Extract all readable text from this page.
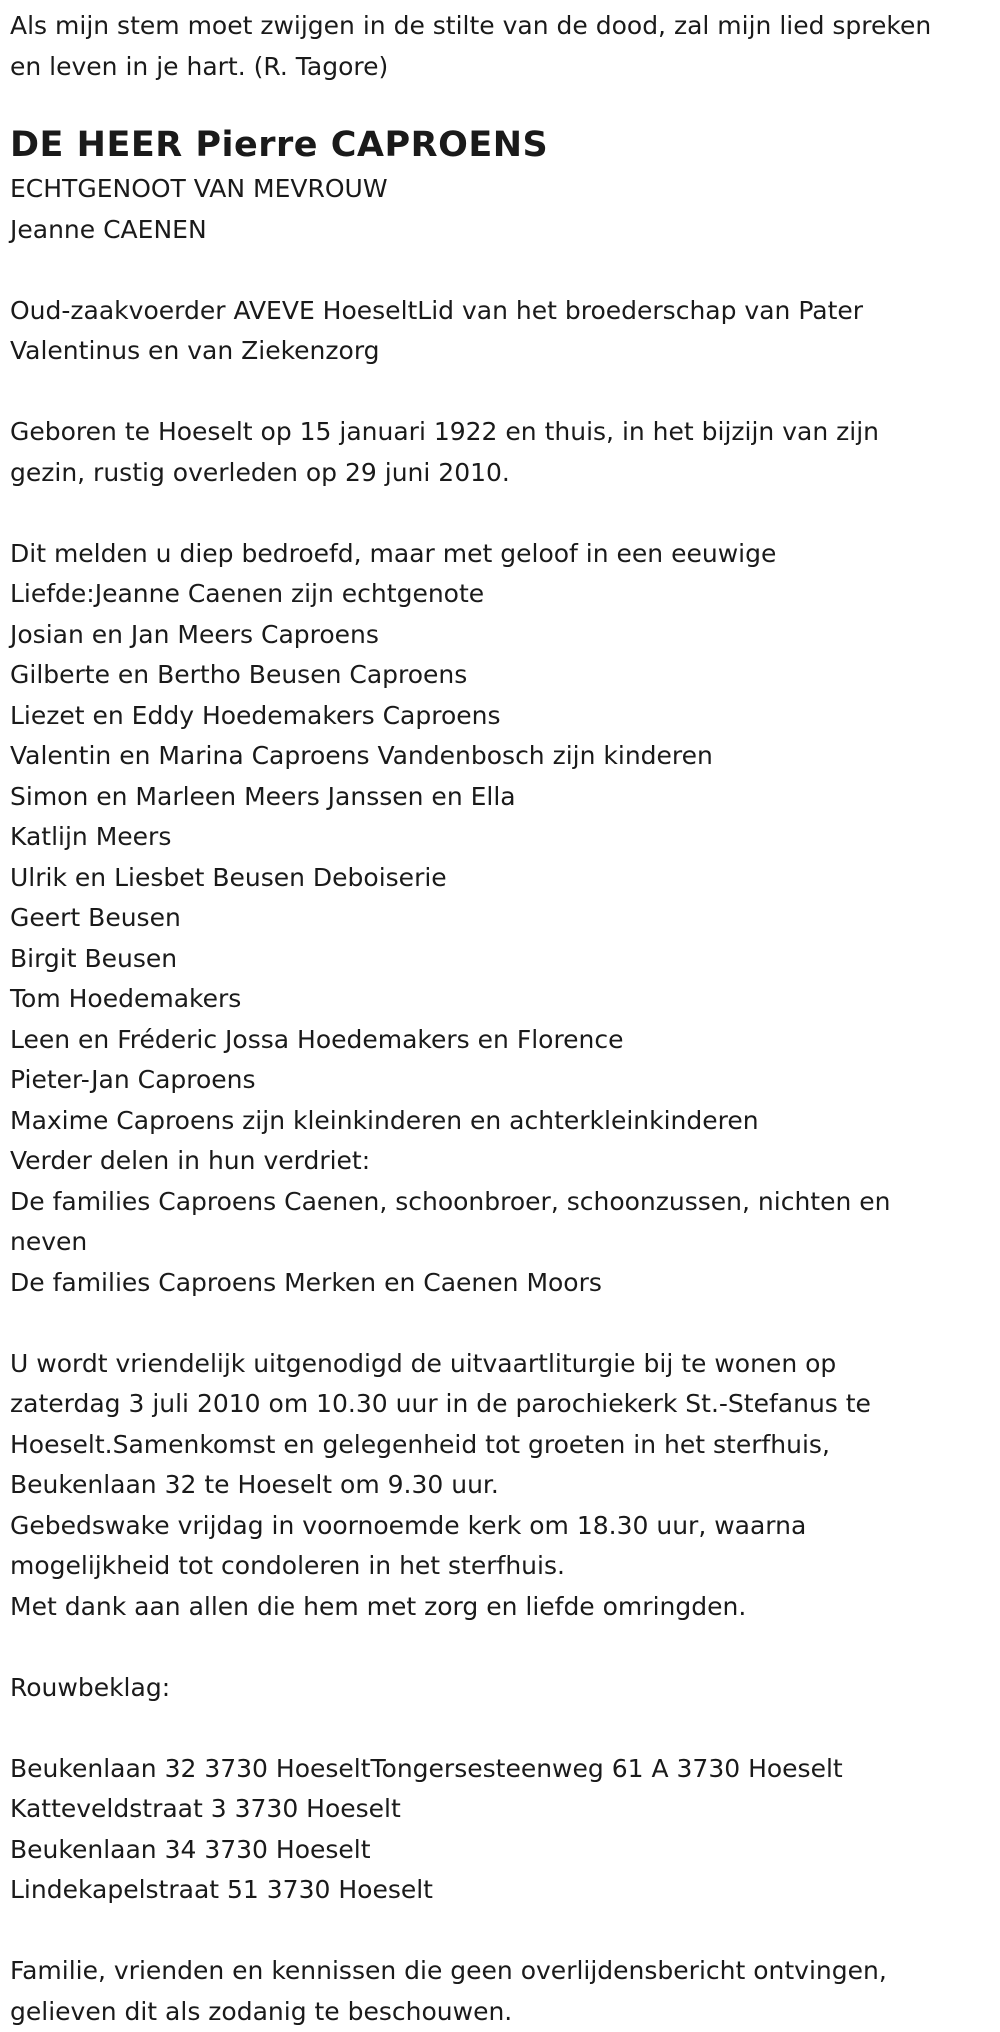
Als mijn stem moet zwijgen in de stilte van de dood, zal mijn lied spreken

en leven in je hart. (R. Tagore)

DE HEER Pierre CAPROENS

ECHTGENOOT VAN MEVROUW

Jeanne CAENEN

Oud-zaakvoerder AVEVE HoeseltLid van het broederschap van Pater

Valentinus en van Ziekenzorg

Geboren te Hoeselt op 15 januari 1922 en thuis, in het bijzijn van zijn

gezin, rustig overleden op 29 juni 2010.

Dit melden u diep bedroefd, maar met geloof in een eeuwige

Liefde:Jeanne Caenen zijn echtgenote

Josian en Jan Meers Caproens

Gilberte en Bertho Beusen Caproens

Liezet en Eddy Hoedemakers Caproens

Valentin en Marina Caproens Vandenbosch zijn kinderen

Simon en Marleen Meers Janssen en Ella

Katlijn Meers

Ulrik en Liesbet Beusen Deboiserie

Geert Beusen

Birgit Beusen

Tom Hoedemakers

Leen en Fréderic Jossa Hoedemakers en Florence

Pieter-Jan Caproens

Maxime Caproens zijn kleinkinderen en achterkleinkinderen

Verder delen in hun verdriet:

De families Caproens Caenen, schoonbroer, schoonzussen, nichten en

neven

De families Caproens Merken en Caenen Moors

U wordt vriendelijk uitgenodigd de uitvaartliturgie bij te wonen op

zaterdag 3 juli 2010 om 10.30 uur in de parochiekerk St.-Stefanus te

Hoeselt.Samenkomst en gelegenheid tot groeten in het sterfhuis,

Beukenlaan 32 te Hoeselt om 9.30 uur.

Gebedswake vrijdag in voornoemde kerk om 18.30 uur, waarna

mogelijkheid tot condoleren in het sterfhuis.

Met dank aan allen die hem met zorg en liefde omringden.

Rouwbeklag:

Beukenlaan 32 3730 HoeseltTongersesteenweg 61 A 3730 Hoeselt

Katteveldstraat 3 3730 Hoeselt

Beukenlaan 34 3730 Hoeselt

Lindekapelstraat 51 3730 Hoeselt

Familie, vrienden en kennissen die geen overlijdensbericht ontvingen,

gelieven dit als zodanig te beschouwen.
